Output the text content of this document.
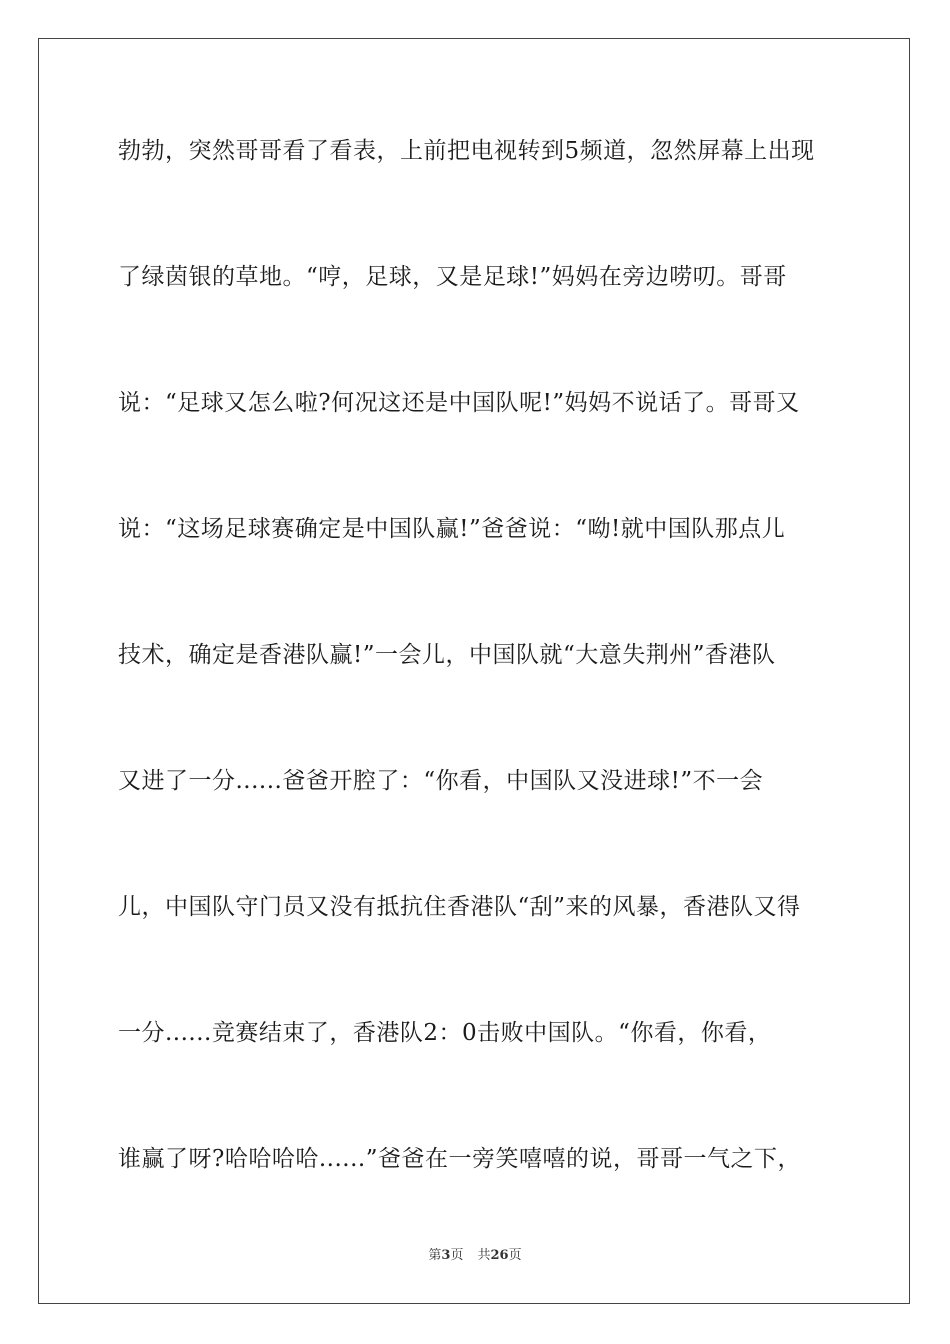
勃勃，突然哥哥看了看表，上前把电视转到5频道，忽然屏幕上出现
了绿茵银的草地。“哼，足球，又是足球!”妈妈在旁边唠叨。哥哥
说：“足球又怎么啦?何况这还是中国队呢!”妈妈不说话了。哥哥又
说：“这场足球赛确定是中国队赢!”爸爸说：“呦!就中国队那点儿
技术，确定是香港队赢!”一会儿，中国队就“大意失荆州”香港队
又进了一分......爸爸开腔了：“你看，中国队又没进球!”不一会
儿，中国队守门员又没有抵抗住香港队“刮”来的风暴，香港队又得
一分......竞赛结束了，香港队2：0击败中国队。“你看，你看，
谁赢了呀?哈哈哈哈......”爸爸在一旁笑嘻嘻的说，哥哥一气之下，
第3页 共26页
